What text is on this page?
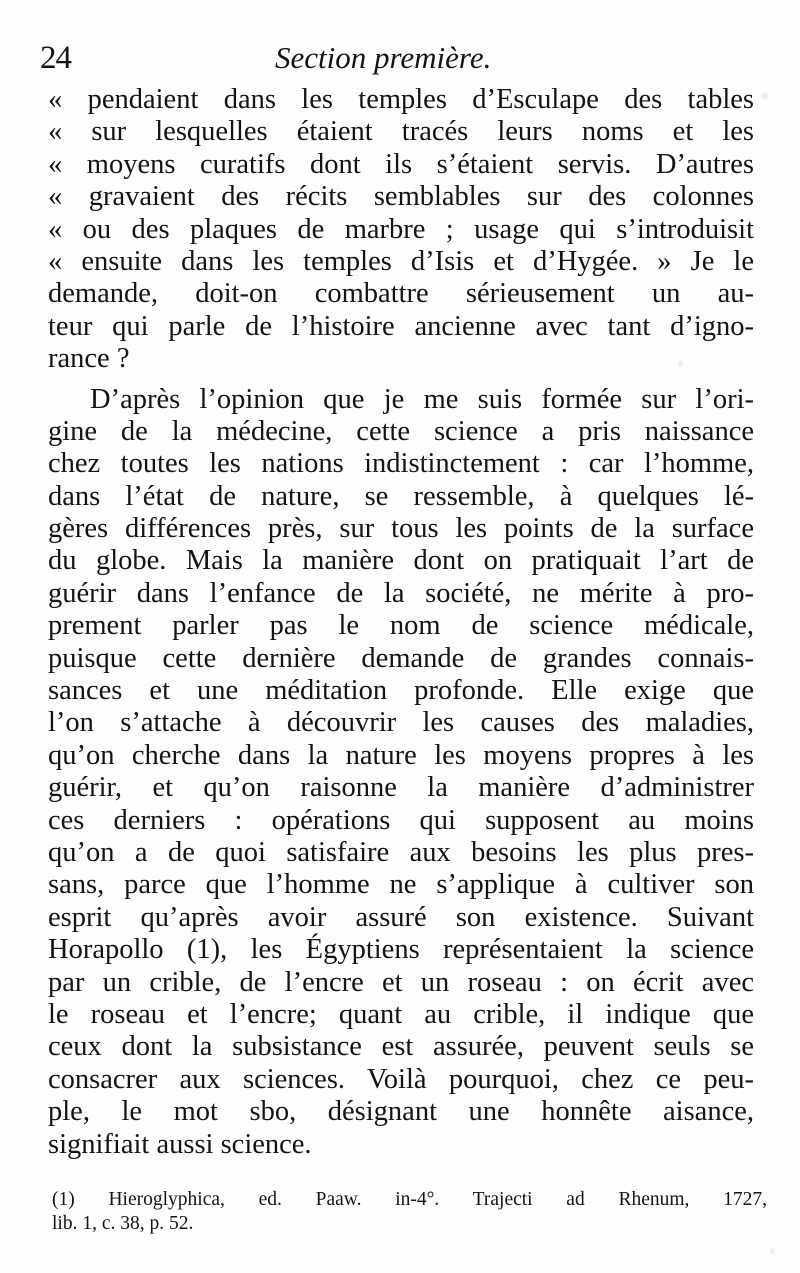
24	Section première.
« pendaient dans les temples d’Esculape des tables
« sur lesquelles étaient tracés leurs noms et les
« moyens curatifs dont ils s’étaient servis. D’autres
« gravaient des récits semblables sur des colonnes
« ou des plaques de marbre ; usage qui s’introduisit
« ensuite dans les temples d’Isis et d’Hygée. » Je le
demande, doit-on combattre sérieusement un au-
teur qui parle de l’histoire ancienne avec tant d’igno-
rance ?
D’après l’opinion que je me suis formée sur l’ori-
gine de la médecine, cette science a pris naissance
chez toutes les nations indistinctement : car l’homme,
dans l’état de nature, se ressemble, à quelques lé-
gères différences près, sur tous les points de la surface
du globe. Mais la manière dont on pratiquait l’art de
guérir dans l’enfance de la société, ne mérite à pro-
prement parler pas le nom de science médicale,
puisque cette dernière demande de grandes connais-
sances et une méditation profonde. Elle exige que
l’on s’attache à découvrir les causes des maladies,
qu’on cherche dans la nature les moyens propres à les
guérir, et qu’on raisonne la manière d’administrer
ces derniers : opérations qui supposent au moins
qu’on a de quoi satisfaire aux besoins les plus pres-
sans, parce que l’homme ne s’applique à cultiver son
esprit qu’après avoir assuré son existence. Suivant
Horapollo (1), les Égyptiens représentaient la science
par un crible, de l’encre et un roseau : on écrit avec
le roseau et l’encre; quant au crible, il indique que
ceux dont la subsistance est assurée, peuvent seuls se
consacrer aux sciences. Voilà pourquoi, chez ce peu-
ple, le mot sbo, désignant une honnête aisance,
signifiait aussi science.
(1) Hieroglyphica, ed. Paaw. in-4°. Trajecti ad Rhenum, 1727,
lib. 1, c. 38, p. 52.
